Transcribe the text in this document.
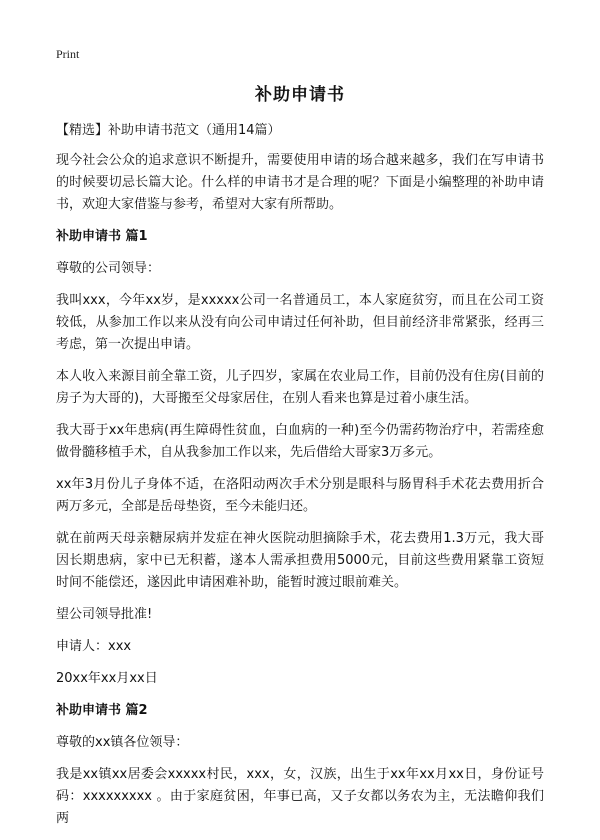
Print
补助申请书

【精选】补助申请书范文（通用14篇）

现今社会公众的追求意识不断提升，需要使用申请的场合越来越多，我们在写申请书的时候要切忌长篇大论。什么样的申请书才是合理的呢？下面是小编整理的补助申请书，欢迎大家借鉴与参考，希望对大家有所帮助。

补助申请书 篇1

尊敬的公司领导：

我叫xxx，今年xx岁，是xxxxx公司一名普通员工，本人家庭贫穷，而且在公司工资较低，从参加工作以来从没有向公司申请过任何补助，但目前经济非常紧张，经再三考虑，第一次提出申请。

本人收入来源目前全靠工资，儿子四岁，家属在农业局工作，目前仍没有住房(目前的房子为大哥的)，大哥搬至父母家居住，在别人看来也算是过着小康生活。

我大哥于xx年患病(再生障碍性贫血，白血病的一种)至今仍需药物治疗中，若需痊愈做骨髓移植手术，自从我参加工作以来，先后借给大哥家3万多元。

xx年3月份儿子身体不适，在洛阳动两次手术分别是眼科与肠胃科手术花去费用折合两万多元，全部是岳母垫资，至今未能归还。

就在前两天母亲糖尿病并发症在神火医院动胆摘除手术，花去费用1.3万元，我大哥因长期患病，家中已无积蓄，遂本人需承担费用5000元，目前这些费用紧靠工资短时间不能偿还，遂因此申请困难补助，能暂时渡过眼前难关。

望公司领导批准!

申请人：xxx

20xx年xx月xx日

补助申请书 篇2

尊敬的xx镇各位领导：

我是xx镇xx居委会xxxxx村民，xxx，女，汉族，出生于xx年xx月xx日，身份证号码：xxxxxxxxx 。由于家庭贫困，年事已高，又子女都以务农为主，无法瞻仰我们两
